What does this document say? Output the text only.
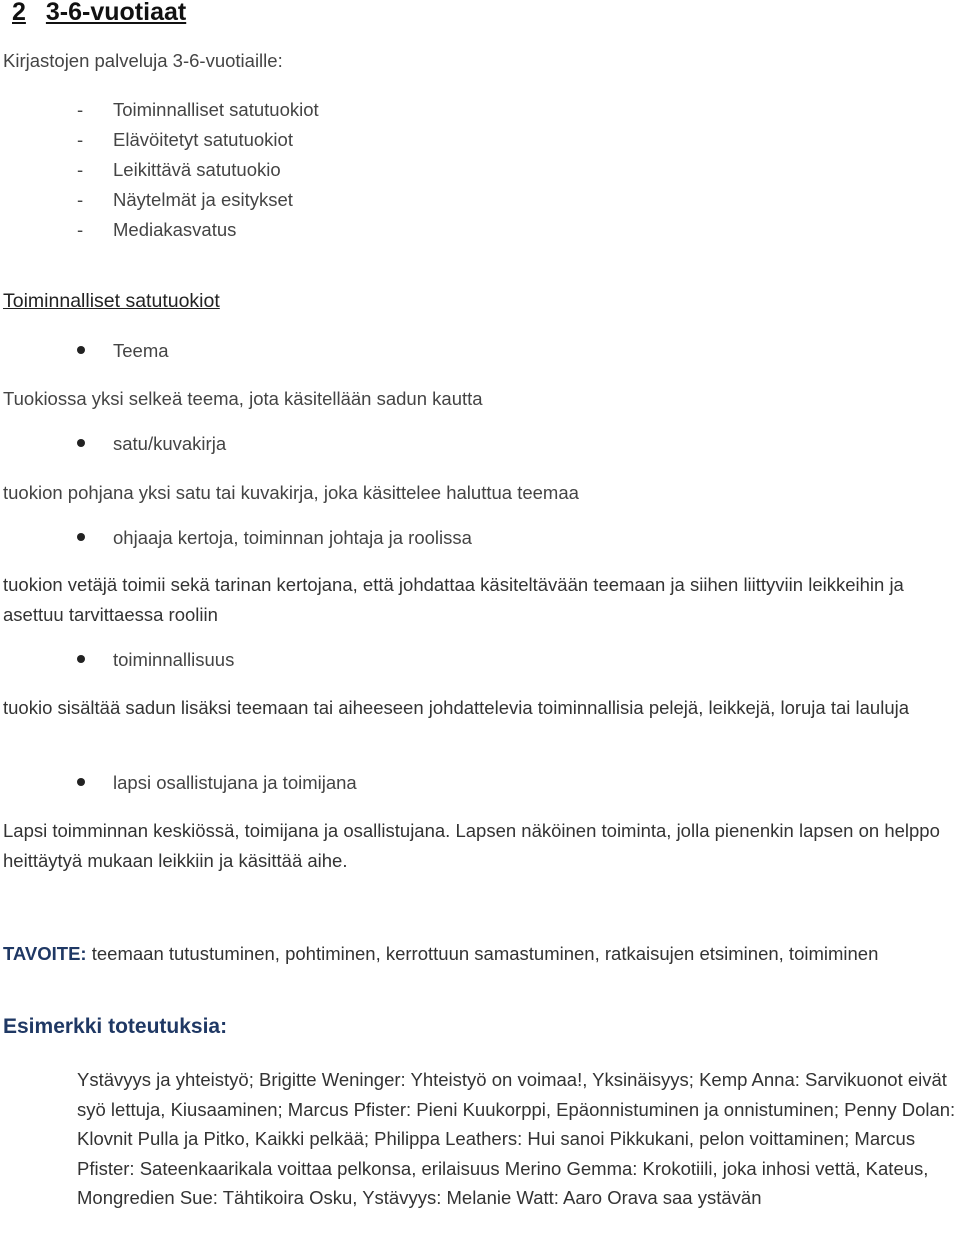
2 3-6-vuotiaat
Kirjastojen palveluja 3-6-vuotiaille:
- Toiminnalliset satutuokiot
- Elävöitetyt satutuokiot
- Leikittävä satutuokio
- Näytelmät ja esitykset
- Mediakasvatus
Toiminnalliset satutuokiot
Teema
Tuokiossa yksi selkeä teema, jota käsitellään sadun kautta
satu/kuvakirja
tuokion pohjana yksi satu tai kuvakirja, joka käsittelee haluttua teemaa
ohjaaja kertoja, toiminnan johtaja ja roolissa
tuokion vetäjä toimii sekä tarinan kertojana, että johdattaa käsiteltävään teemaan ja siihen liittyviin leikkeihin ja asettuu tarvittaessa rooliin
toiminnallisuus
tuokio sisältää sadun lisäksi teemaan tai aiheeseen johdattelevia toiminnallisia pelejä, leikkejä, loruja tai lauluja
lapsi osallistujana ja toimijana
Lapsi toimminnan keskiössä, toimijana ja osallistujana. Lapsen näköinen toiminta, jolla pienenkin lapsen on helppo heittäytyä mukaan leikkiin ja käsittää aihe.
TAVOITE: teemaan tutustuminen, pohtiminen, kerrottuun samastuminen, ratkaisujen etsiminen, toimiminen
Esimerkki toteutuksia:
Ystävyys ja yhteistyö; Brigitte Weninger: Yhteistyö on voimaa!, Yksinäisyys; Kemp Anna: Sarvikuonot eivät syö lettuja, Kiusaaminen; Marcus Pfister: Pieni Kuukorppi, Epäonnistuminen ja onnistuminen; Penny Dolan: Klovnit Pulla ja Pitko, Kaikki pelkää; Philippa Leathers: Hui sanoi Pikkukani, pelon voittaminen; Marcus Pfister: Sateenkaarikala voittaa pelkonsa, erilaisuus Merino Gemma: Krokotiili, joka inhosi vettä, Kateus, Mongredien Sue: Tähtikoira Osku, Ystävyys: Melanie Watt: Aaro Orava saa ystävän
